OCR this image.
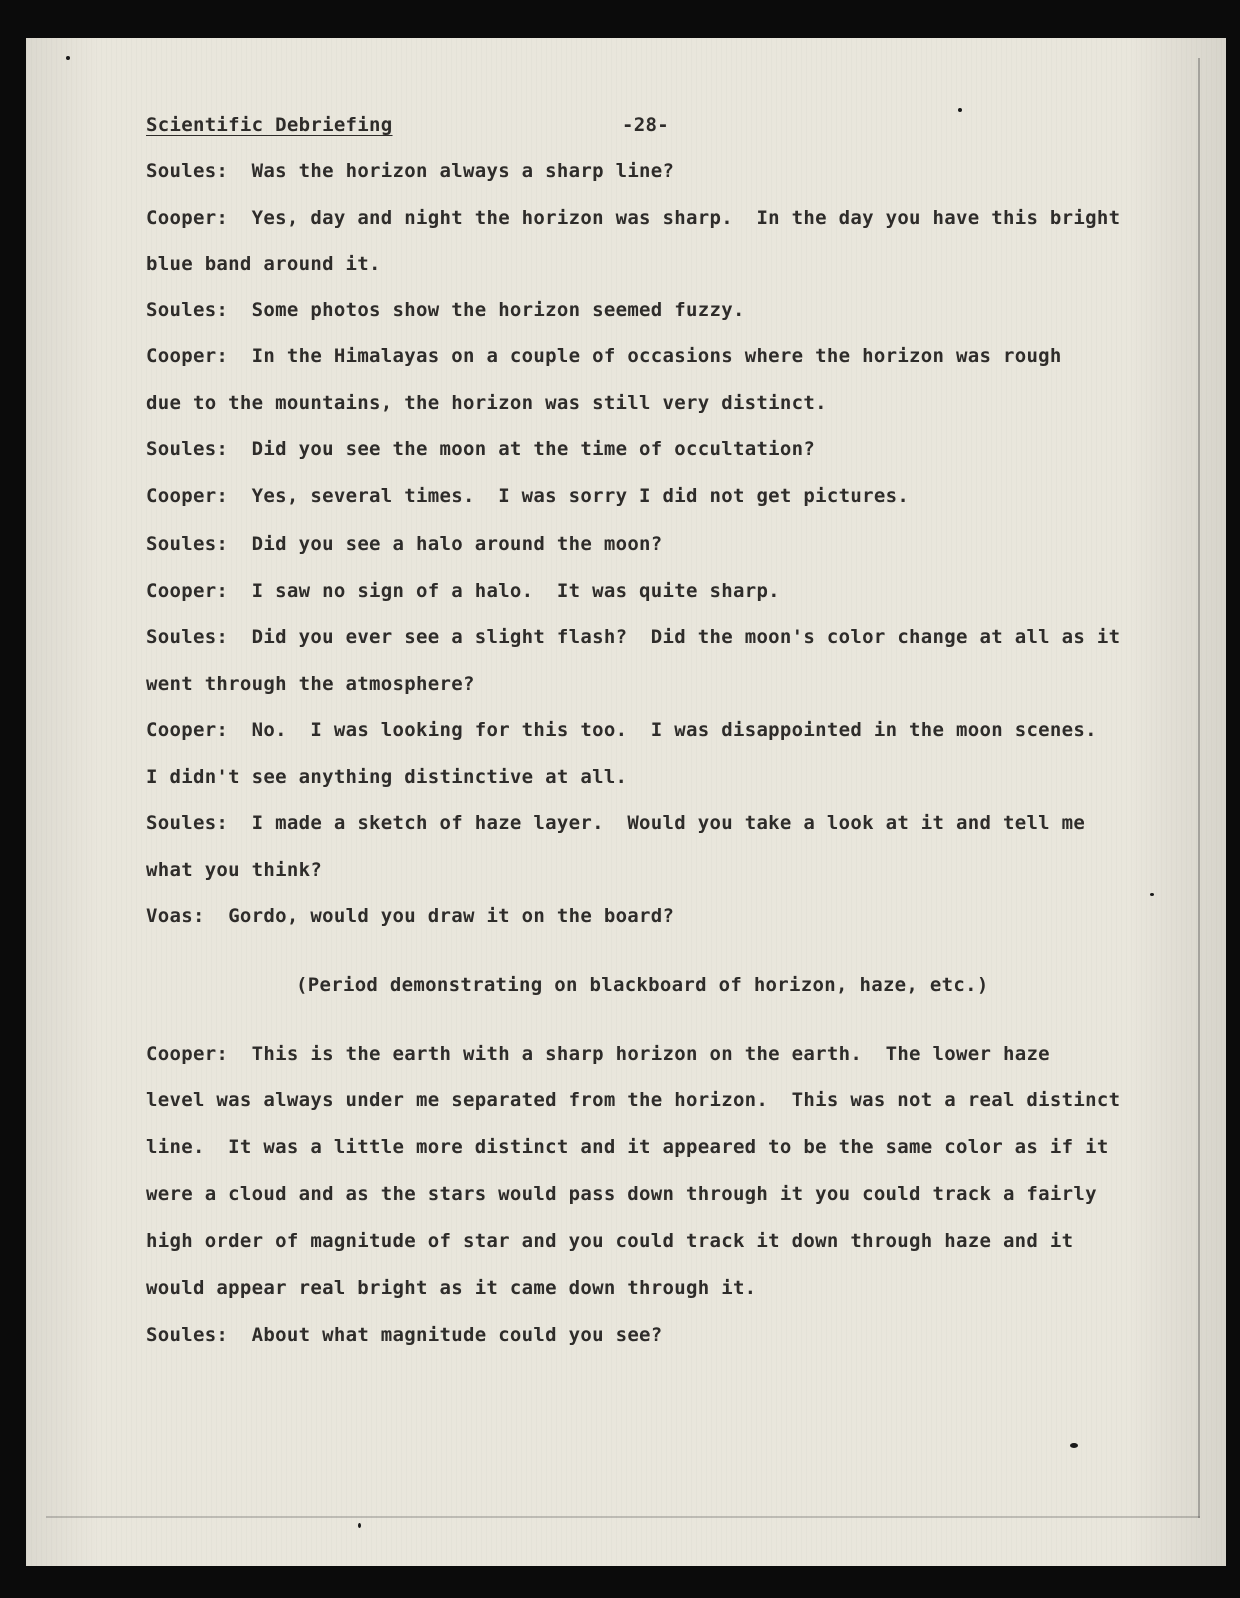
Scientific Debriefing	-28-
Soules: Was the horizon always a sharp line?
Cooper: Yes, day and night the horizon was sharp.  In the day you have this bright
blue band around it.
Soules: Some photos show the horizon seemed fuzzy.
Cooper: In the Himalayas on a couple of occasions where the horizon was rough
due to the mountains, the horizon was still very distinct.
Soules: Did you see the moon at the time of occultation?
Cooper: Yes, several times.  I was sorry I did not get pictures.
Soules: Did you see a halo around the moon?
Cooper: I saw no sign of a halo.  It was quite sharp.
Soules: Did you ever see a slight flash?  Did the moon's color change at all as it
went through the atmosphere?
Cooper: No.  I was looking for this too.  I was disappointed in the moon scenes.
I didn't see anything distinctive at all.
Soules: I made a sketch of haze layer.  Would you take a look at it and tell me
what you think?
Voas: Gordo, would you draw it on the board?
(Period demonstrating on blackboard of horizon, haze, etc.)
Cooper: This is the earth with a sharp horizon on the earth.  The lower haze
level was always under me separated from the horizon.  This was not a real distinct
line.  It was a little more distinct and it appeared to be the same color as if it
were a cloud and as the stars would pass down through it you could track a fairly
high order of magnitude of star and you could track it down through haze and it
would appear real bright as it came down through it.
Soules: About what magnitude could you see?
